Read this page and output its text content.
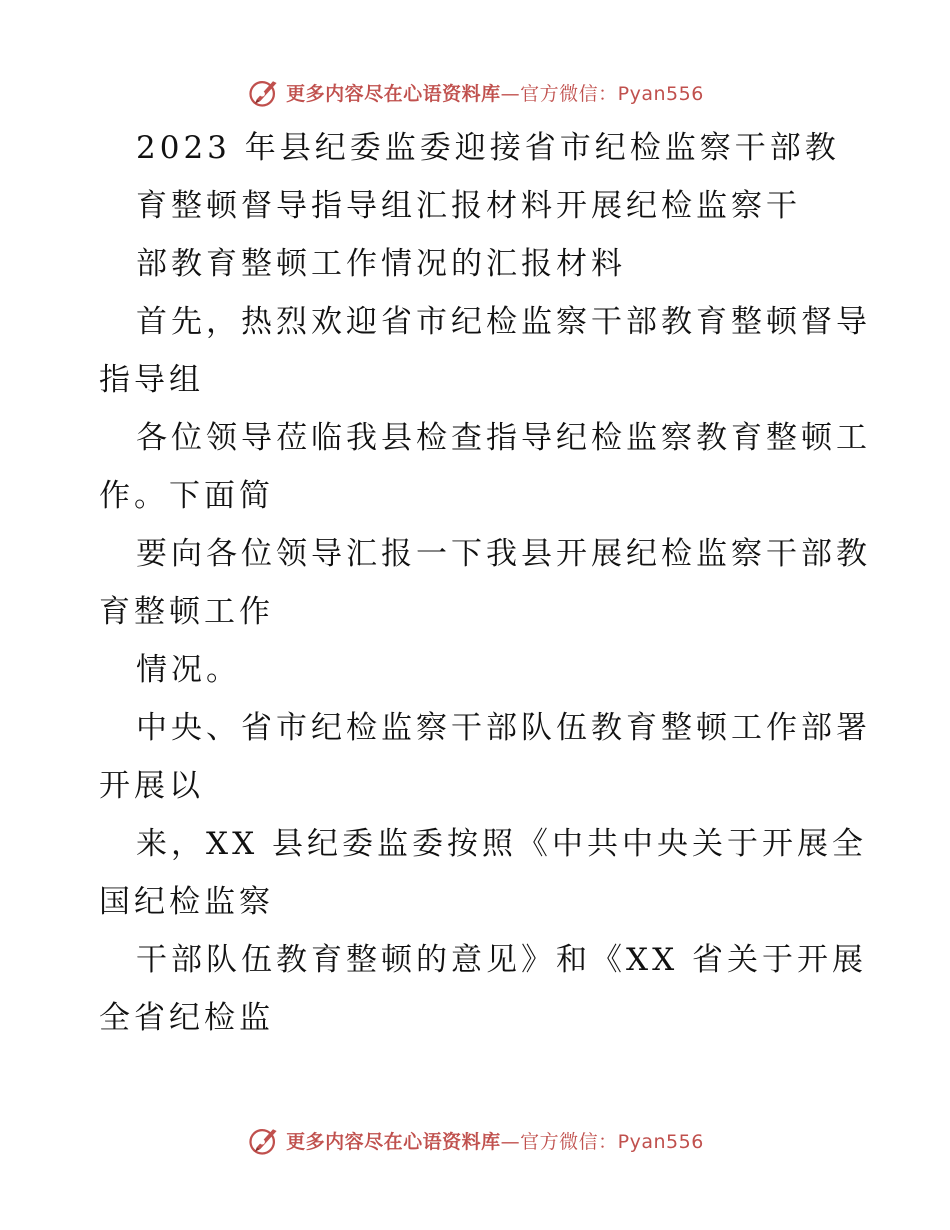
更多内容尽在心语资料库—官方微信：Pyan556
2023 年县纪委监委迎接省市纪检监察干部教
育整顿督导指导组汇报材料开展纪检监察干
部教育整顿工作情况的汇报材料
首先，热烈欢迎省市纪检监察干部教育整顿督导
指导组
各位领导莅临我县检查指导纪检监察教育整顿工
作。下面简
要向各位领导汇报一下我县开展纪检监察干部教
育整顿工作
情况。
中央、省市纪检监察干部队伍教育整顿工作部署
开展以
来，XX 县纪委监委按照《中共中央关于开展全
国纪检监察
干部队伍教育整顿的意见》和《XX 省关于开展
全省纪检监
更多内容尽在心语资料库—官方微信：Pyan556
